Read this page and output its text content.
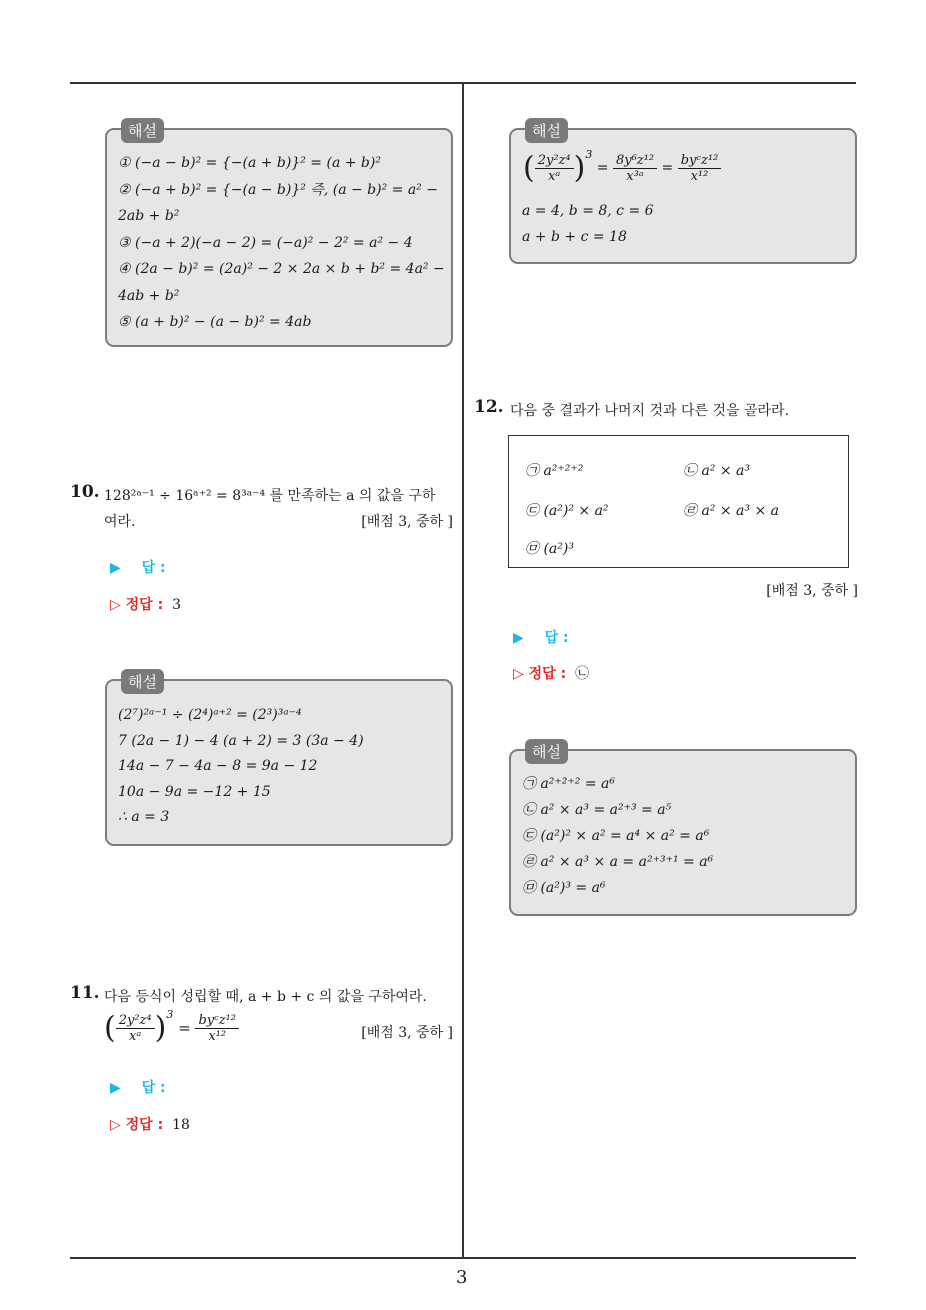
해설
① (−a − b)² = {−(a + b)}² = (a + b)²
② (−a + b)² = {−(a − b)}² 즉, (a − b)² = a² −
2ab + b²
③ (−a + 2)(−a − 2) = (−a)² − 2² = a² − 4
④ (2a − b)² = (2a)² − 2 × 2a × b + b² = 4a² −
4ab + b²
⑤ (a + b)² − (a − b)² = 4ab
10. 128²ᵃ⁻¹ ÷ 16ᵃ⁺² = 8³ᵃ⁻⁴ 를 만족하는 a 의 값을 구하
여라.	[배점 3, 중하 ]
▶ 답 :
▷ 정답 : 3
해설
(2⁷)²ᵃ⁻¹ ÷ (2⁴)ᵃ⁺² = (2³)³ᵃ⁻⁴
7 (2a − 1) − 4 (a + 2) = 3 (3a − 4)
14a − 7 − 4a − 8 = 9a − 12
10a − 9a = −12 + 15
∴ a = 3
11. 다음 등식이 성립할 때, a + b + c 의 값을 구하여라.
( $\frac{\text{2y²z⁴}}{\text{xᵃ}} )^3 = \frac{\text{byᶜz¹²}}{\text{x¹²}}$	[배점 3, 중하 ]
▶ 답 :
▷ 정답 : 18
해설
( $\frac{\text{2y²z⁴}}{\text{xᵃ}} )^3 = \frac{\text{8y⁶z¹²}}{\text{x³ᵃ}} = \frac{\text{byᶜz¹²}}{\text{x¹²}}$
a = 4, b = 8, c = 6
a + b + c = 18
12. 다음 중 결과가 나머지 것과 다른 것을 골라라.
㉠ a²⁺²⁺²	㉡ a² × a³
㉢ (a²)² × a²	㉣ a² × a³ × a
㉤ (a²)³
[배점 3, 중하 ]
▶ 답 :
▷ 정답 : ㉡
해설
㉠ a²⁺²⁺² = a⁶
㉡ a² × a³ = a²⁺³ = a⁵
㉢ (a²)² × a² = a⁴ × a² = a⁶
㉣ a² × a³ × a = a²⁺³⁺¹ = a⁶
㉤ (a²)³ = a⁶
3
